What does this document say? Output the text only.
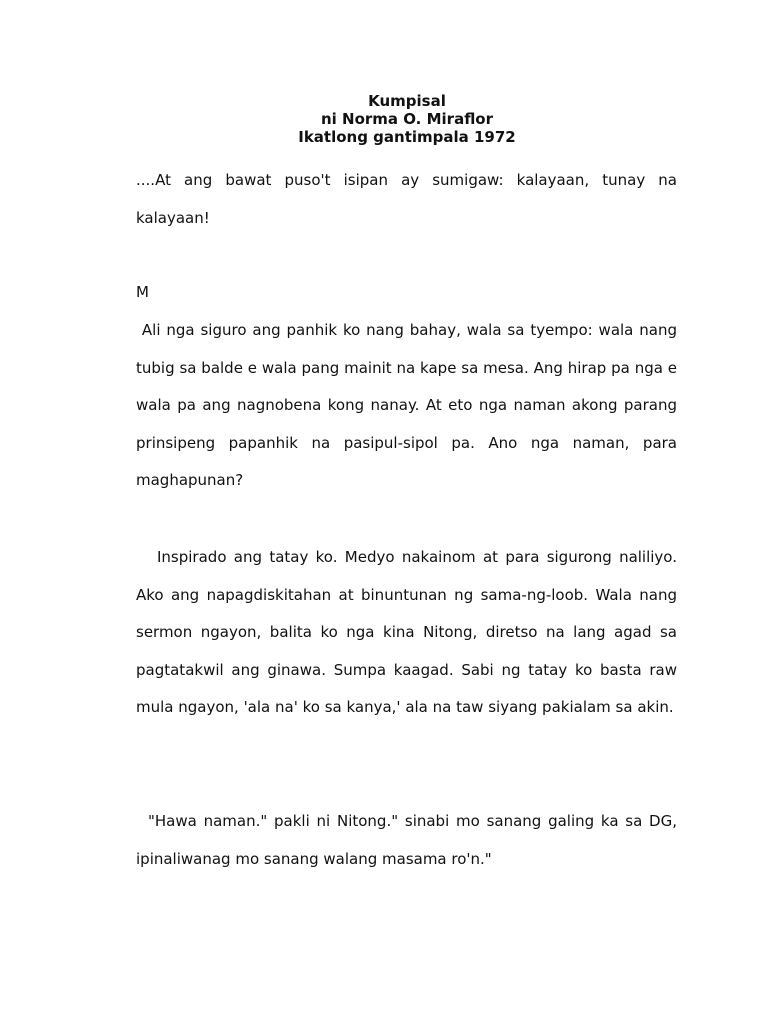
Kumpisal
ni Norma O. Miraflor
Ikatlong gantimpala 1972

....At ang bawat puso't isipan ay sumigaw: kalayaan, tunay na kalayaan!

M

Ali nga siguro ang panhik ko nang bahay, wala sa tyempo: wala nang tubig sa balde e wala pang mainit na kape sa mesa. Ang hirap pa nga e wala pa ang nagnobena kong nanay. At eto nga naman akong parang prinsipeng papanhik na pasipul-sipol pa. Ano nga naman, para maghapunan?

Inspirado ang tatay ko. Medyo nakainom at para sigurong naliliyo. Ako ang napagdiskitahan at binuntunan ng sama-ng-loob. Wala nang sermon ngayon, balita ko nga kina Nitong, diretso na lang agad sa pagtatakwil ang ginawa. Sumpa kaagad. Sabi ng tatay ko basta raw mula ngayon, 'ala na' ko sa kanya,' ala na taw siyang pakialam sa akin.

"Hawa naman." pakli ni Nitong." sinabi mo sanang galing ka sa DG, ipinaliwanag mo sanang walang masama ro'n."
